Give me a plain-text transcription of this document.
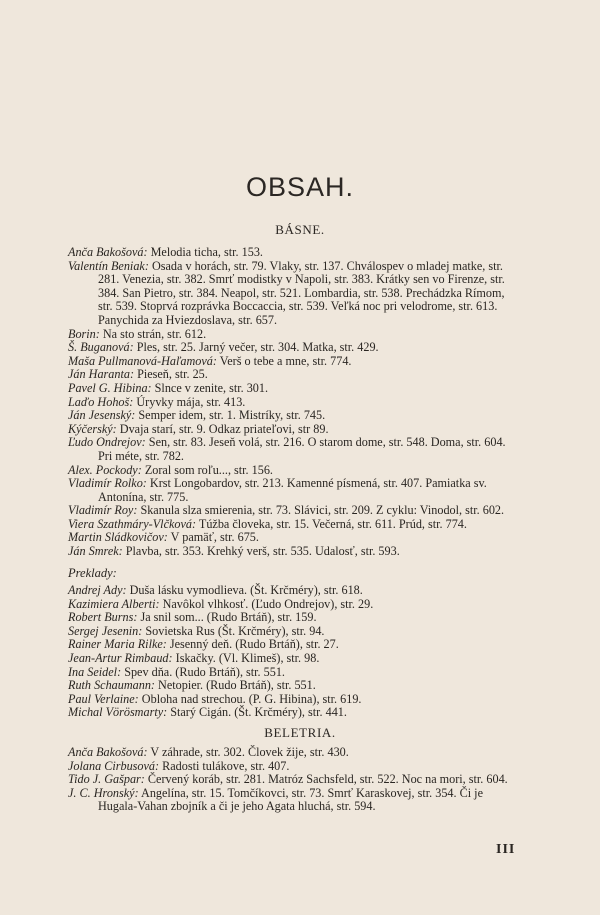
OBSAH.
BÁSNE.

Anča Bakošová: Melodia ticha, str. 153.

Valentín Beniak: Osada v horách, str. 79. Vlaky, str. 137. Chválospev o mladej matke, str. 281. Venezia, str. 382. Smrť modistky v Napoli, str. 383. Krátky sen vo Firenze, str. 384. San Pietro, str. 384. Neapol, str. 521. Lombardia, str. 538. Prechádzka Rímom, str. 539. Stoprvá rozprávka Boccaccia, str. 539. Veľká noc pri velodrome, str. 613. Panychida za Hviezdoslava, str. 657.

Borin: Na sto strán, str. 612.

Š. Buganová: Ples, str. 25. Jarný večer, str. 304. Matka, str. 429.

Maša Pullmanová-Haľamová: Verš o tebe a mne, str. 774.

Ján Haranta: Pieseň, str. 25.

Pavel G. Hibina: Slnce v zenite, str. 301.

Laďo Hohoš: Úryvky mája, str. 413.

Ján Jesenský: Semper idem, str. 1. Mistríky, str. 745.

Kýčerský: Dvaja starí, str. 9. Odkaz priateľovi, str 89.

Ľudo Ondrejov: Sen, str. 83. Jeseň volá, str. 216. O starom dome, str. 548. Doma, str. 604. Pri méte, str. 782.

Alex. Pockody: Zoral som roľu..., str. 156.

Vladimír Rolko: Krst Longobardov, str. 213. Kamenné písmená, str. 407. Pamiatka sv. Antonína, str. 775.

Vladimír Roy: Skanula slza smierenia, str. 73. Slávici, str. 209. Z cyklu: Vinodol, str. 602.

Viera Szathmáry-Vlčková: Túžba človeka, str. 15. Večerná, str. 611. Prúd, str. 774.

Martin Sládkovičov: V pamäť, str. 675.

Ján Smrek: Plavba, str. 353. Krehký verš, str. 535. Udalosť, str. 593.

Preklady:

Andrej Ady: Duša lásku vymodlieva. (Št. Krčméry), str. 618.

Kazimiera Alberti: Navôkol vlhkosť. (Ľudo Ondrejov), str. 29.

Robert Burns: Ja snil som... (Rudo Brtáň), str. 159.

Sergej Jesenin: Sovietska Rus (Št. Krčméry), str. 94.

Rainer Maria Rilke: Jesenný deň. (Rudo Brtáň), str. 27.

Jean-Artur Rimbaud: Iskačky. (Vl. Klimeš), str. 98.

Ina Seidel: Spev dňa. (Rudo Brtáň), str. 551.

Ruth Schaumann: Netopier. (Rudo Brtáň), str. 551.

Paul Verlaine: Obloha nad strechou. (P. G. Hibina), str. 619.

Michal Vörösmarty: Starý Cigán. (Št. Krčméry), str. 441.

BELETRIA.

Anča Bakošová: V záhrade, str. 302. Človek žije, str. 430.

Jolana Cirbusová: Radosti tulákove, str. 407.

Tido J. Gašpar: Červený koráb, str. 281. Matróz Sachsfeld, str. 522. Noc na mori, str. 604.

J. C. Hronský: Angelína, str. 15. Tomčíkovci, str. 73. Smrť Karaskovej, str. 354. Či je Hugala-Vahan zbojník a či je jeho Agata hluchá, str. 594.

III
